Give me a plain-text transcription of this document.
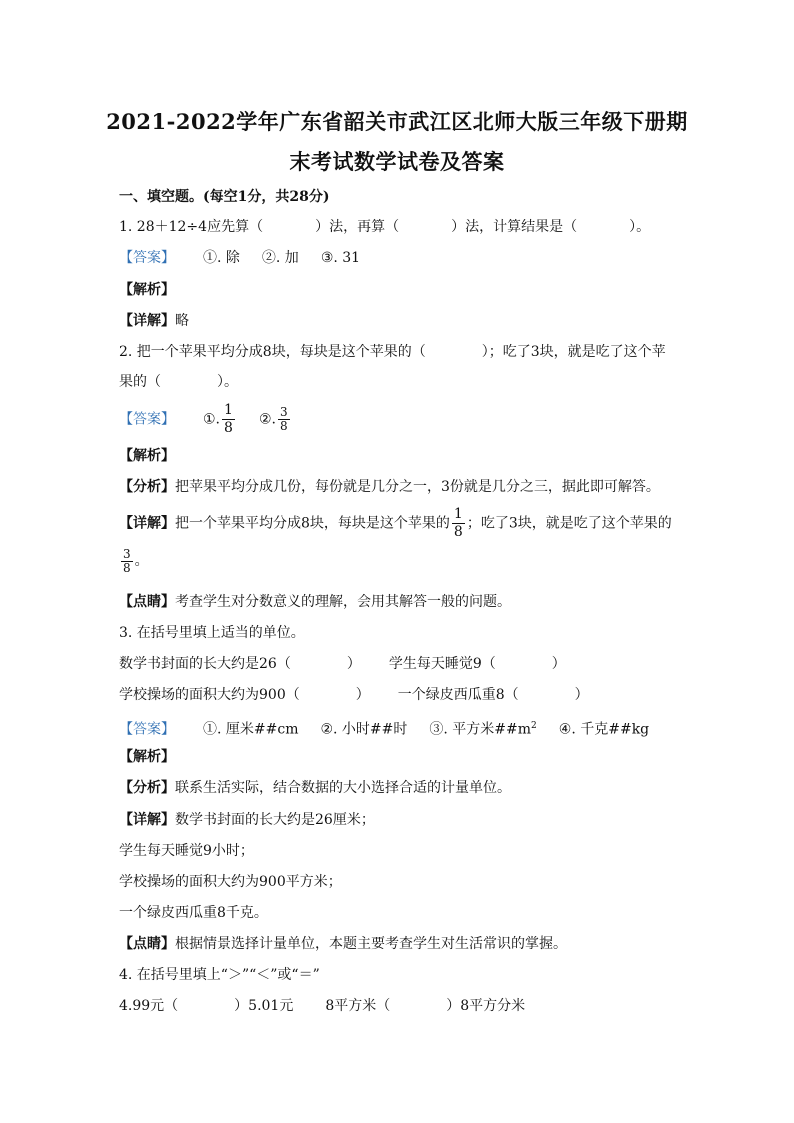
2021-2022学年广东省韶关市武江区北师大版三年级下册期
末考试数学试卷及答案
一、填空题。(每空1分，共28分)
1. 28＋12÷4应先算（	）法，再算（	）法，计算结果是（	）。
【答案】 ①. 除 ②. 加 ③. 31
【解析】
【详解】略
2. 把一个苹果平均分成8块，每块是这个苹果的（	）；吃了3块，就是吃了这个苹
果的（	）。
【答案】 ①. $\frac{1}{8}$ ②. $\frac{3}{8}$
【解析】
【分析】把苹果平均分成几份，每份就是几分之一，3份就是几分之三，据此即可解答。
【详解】把一个苹果平均分成8块，每块是这个苹果的 $\frac{1}{8}$ ；吃了3块，就是吃了这个苹果的
$\frac{3}{8}$ 。
【点睛】考查学生对分数意义的理解，会用其解答一般的问题。
3. 在括号里填上适当的单位。
数学书封面的长大约是26（	） 学生每天睡觉9（	）
学校操场的面积大约为900（	） 一个绿皮西瓜重8（	）
【答案】 ①. 厘米##cm ②. 小时##时 ③. 平方米$\#\#m^2$ ④. 千克##kg
【解析】
【分析】联系生活实际，结合数据的大小选择合适的计量单位。
【详解】数学书封面的长大约是26厘米；
学生每天睡觉9小时；
学校操场的面积大约为900平方米；
一个绿皮西瓜重8千克。
【点睛】根据情景选择计量单位，本题主要考查学生对生活常识的掌握。
4. 在括号里填上“＞”“＜”或“＝”
4.99元（	）5.01元 8平方米（	）8平方分米
